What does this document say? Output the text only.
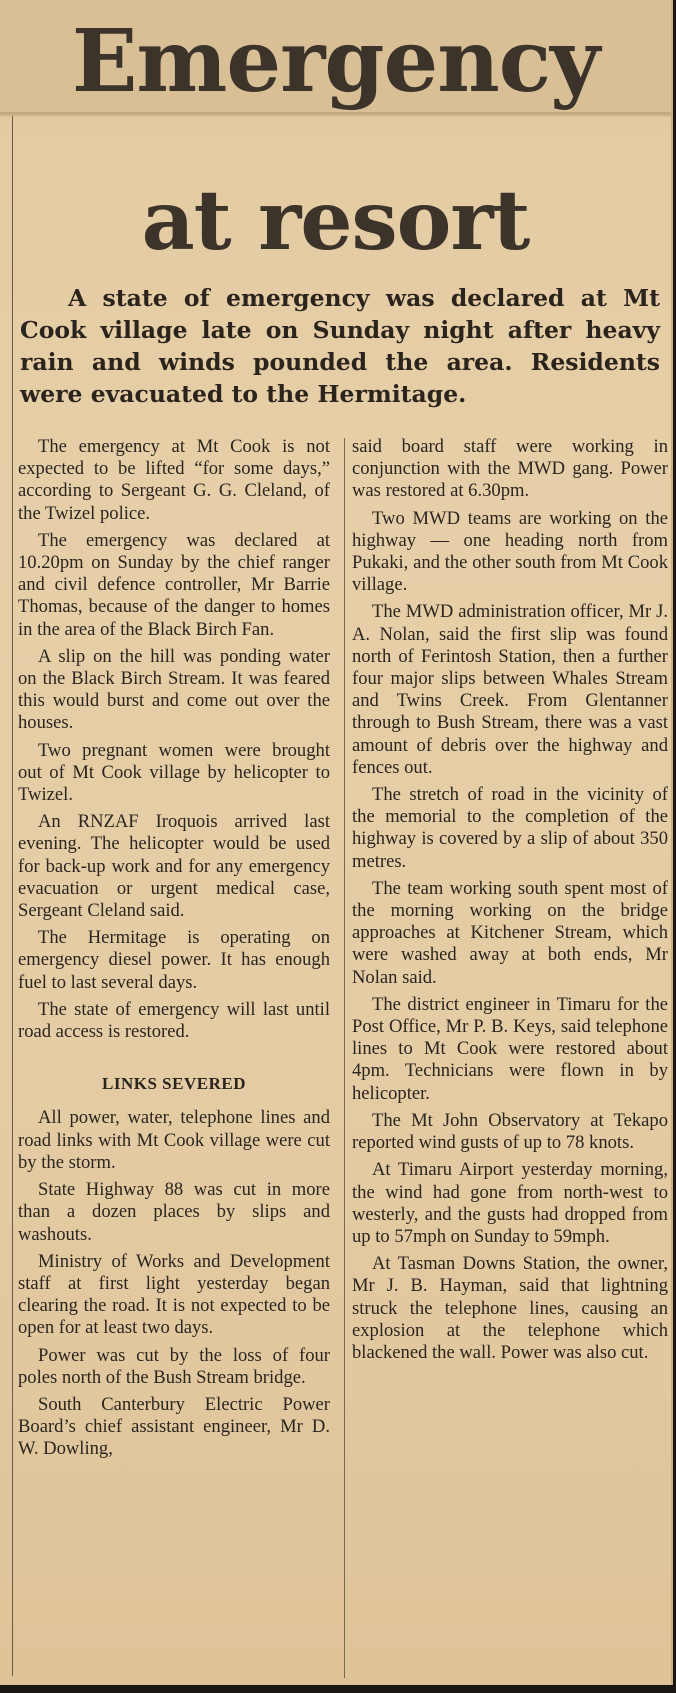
Emergency
at resort

A state of emergency was declared at Mt Cook village late on Sunday night after heavy rain and winds pounded the area. Residents were evacuated to the Hermitage.

The emergency at Mt Cook is not expected to be lifted “for some days,” according to Sergeant G. G. Cleland, of the Twizel police.

The emergency was declared at 10.20pm on Sunday by the chief ranger and civil defence controller, Mr Barrie Thomas, because of the danger to homes in the area of the Black Birch Fan.

A slip on the hill was ponding water on the Black Birch Stream. It was feared this would burst and come out over the houses.

Two pregnant women were brought out of Mt Cook village by helicopter to Twizel.

An RNZAF Iroquois arrived last evening. The helicopter would be used for back-up work and for any emergency evacuation or urgent medical case, Sergeant Cleland said.

The Hermitage is operating on emergency diesel power. It has enough fuel to last several days.

The state of emergency will last until road access is restored.

LINKS SEVERED

All power, water, telephone lines and road links with Mt Cook village were cut by the storm.

State Highway 88 was cut in more than a dozen places by slips and washouts.

Ministry of Works and Development staff at first light yesterday began clearing the road. It is not expected to be open for at least two days.

Power was cut by the loss of four poles north of the Bush Stream bridge.

South Canterbury Electric Power Board’s chief assistant engineer, Mr D. W. Dowling,

said board staff were working in conjunction with the MWD gang. Power was restored at 6.30pm.

Two MWD teams are working on the highway — one heading north from Pukaki, and the other south from Mt Cook village.

The MWD administration officer, Mr J. A. Nolan, said the first slip was found north of Ferintosh Station, then a further four major slips between Whales Stream and Twins Creek. From Glentanner through to Bush Stream, there was a vast amount of debris over the highway and fences out.

The stretch of road in the vicinity of the memorial to the completion of the highway is covered by a slip of about 350 metres.

The team working south spent most of the morning working on the bridge approaches at Kitchener Stream, which were washed away at both ends, Mr Nolan said.

The district engineer in Timaru for the Post Office, Mr P. B. Keys, said telephone lines to Mt Cook were restored about 4pm. Technicians were flown in by helicopter.

The Mt John Observatory at Tekapo reported wind gusts of up to 78 knots.

At Timaru Airport yesterday morning, the wind had gone from north-west to westerly, and the gusts had dropped from up to 57mph on Sunday to 59mph.

At Tasman Downs Station, the owner, Mr J. B. Hayman, said that lightning struck the telephone lines, causing an explosion at the telephone which blackened the wall. Power was also cut.
